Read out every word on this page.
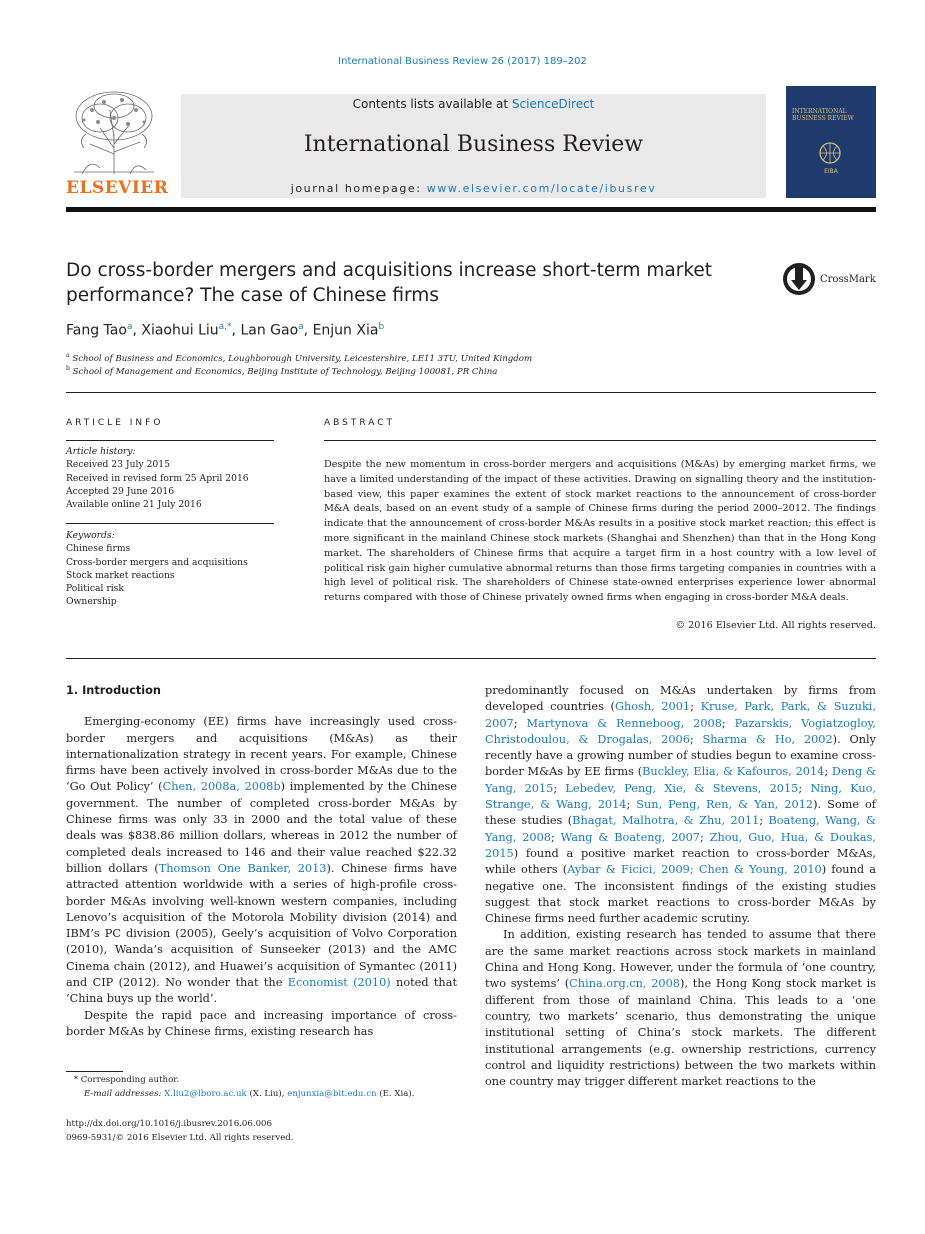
International Business Review 26 (2017) 189–202
ELSEVIER
Contents lists available at ScienceDirect
International Business Review
journal homepage: www.elsevier.com/locate/ibusrev
INTERNATIONAL BUSINESS REVIEW
EIBA
Do cross-border mergers and acquisitions increase short-term market performance? The case of Chinese firms
CrossMark
Fang Tao$^a$, Xiaohui Liu$^{a,*}$, Lan Gao$^a$, Enjun Xia$^b$
$^a$ School of Business and Economics, Loughborough University, Leicestershire, LE11 3TU, United Kingdom
$^b$ School of Management and Economics, Beijing Institute of Technology, Beijing 100081, PR China
ARTICLE INFO	ABSTRACT
Article history:
Received 23 July 2015
Received in revised form 25 April 2016
Accepted 29 June 2016
Available online 21 July 2016
Keywords:
Chinese firms
Cross-border mergers and acquisitions
Stock market reactions
Political risk
Ownership
Despite the new momentum in cross-border mergers and acquisitions (M&As) by emerging market firms, we have a limited understanding of the impact of these activities. Drawing on signalling theory and the institution-based view, this paper examines the extent of stock market reactions to the announcement of cross-border M&A deals, based on an event study of a sample of Chinese firms during the period 2000–2012. The findings indicate that the announcement of cross-border M&As results in a positive stock market reaction; this effect is more significant in the mainland Chinese stock markets (Shanghai and Shenzhen) than that in the Hong Kong market. The shareholders of Chinese firms that acquire a target firm in a host country with a low level of political risk gain higher cumulative abnormal returns than those firms targeting companies in countries with a high level of political risk. The shareholders of Chinese state-owned enterprises experience lower abnormal returns compared with those of Chinese privately owned firms when engaging in cross-border M&A deals.
© 2016 Elsevier Ltd. All rights reserved.
1. Introduction

Emerging-economy (EE) firms have increasingly used cross-border mergers and acquisitions (M&As) as their internationalization strategy in recent years. For example, Chinese firms have been actively involved in cross-border M&As due to the ‘Go Out Policy’ (Chen, 2008a, 2008b) implemented by the Chinese government. The number of completed cross-border M&As by Chinese firms was only 33 in 2000 and the total value of these deals was $838.86 million dollars, whereas in 2012 the number of completed deals increased to 146 and their value reached $22.32 billion dollars (Thomson One Banker, 2013). Chinese firms have attracted attention worldwide with a series of high-profile cross-border M&As involving well-known western companies, including Lenovo’s acquisition of the Motorola Mobility division (2014) and IBM’s PC division (2005), Geely’s acquisition of Volvo Corporation (2010), Wanda’s acquisition of Sunseeker (2013) and the AMC Cinema chain (2012), and Huawei’s acquisition of Symantec (2011) and CIP (2012). No wonder that the Economist (2010) noted that ‘China buys up the world’.

Despite the rapid pace and increasing importance of cross-border M&As by Chinese firms, existing research has

predominantly focused on M&As undertaken by firms from developed countries (Ghosh, 2001; Kruse, Park, Park, & Suzuki, 2007; Martynova & Renneboog, 2008; Pazarskis, Vogiatzogloy, Christodoulou, & Drogalas, 2006; Sharma & Ho, 2002). Only recently have a growing number of studies begun to examine cross-border M&As by EE firms (Buckley, Elia, & Kafouros, 2014; Deng & Yang, 2015; Lebedev, Peng, Xie, & Stevens, 2015; Ning, Kuo, Strange, & Wang, 2014; Sun, Peng, Ren, & Yan, 2012). Some of these studies (Bhagat, Malhotra, & Zhu, 2011; Boateng, Wang, & Yang, 2008; Wang & Boateng, 2007; Zhou, Guo, Hua, & Doukas, 2015) found a positive market reaction to cross-border M&As, while others (Aybar & Ficici, 2009; Chen & Young, 2010) found a negative one. The inconsistent findings of the existing studies suggest that stock market reactions to cross-border M&As by Chinese firms need further academic scrutiny.

In addition, existing research has tended to assume that there are the same market reactions across stock markets in mainland China and Hong Kong. However, under the formula of ‘one country, two systems’ (China.org.cn, 2008), the Hong Kong stock market is different from those of mainland China. This leads to a ‘one country, two markets’ scenario, thus demonstrating the unique institutional setting of China’s stock markets. The different institutional arrangements (e.g. ownership restrictions, currency control and liquidity restrictions) between the two markets within one country may trigger different market reactions to the

* Corresponding author.
E-mail addresses: X.liu2@lboro.ac.uk (X. Liu), enjunxia@bit.edu.cn (E. Xia).
http://dx.doi.org/10.1016/j.ibusrev.2016.06.006
0969-5931/© 2016 Elsevier Ltd. All rights reserved.
